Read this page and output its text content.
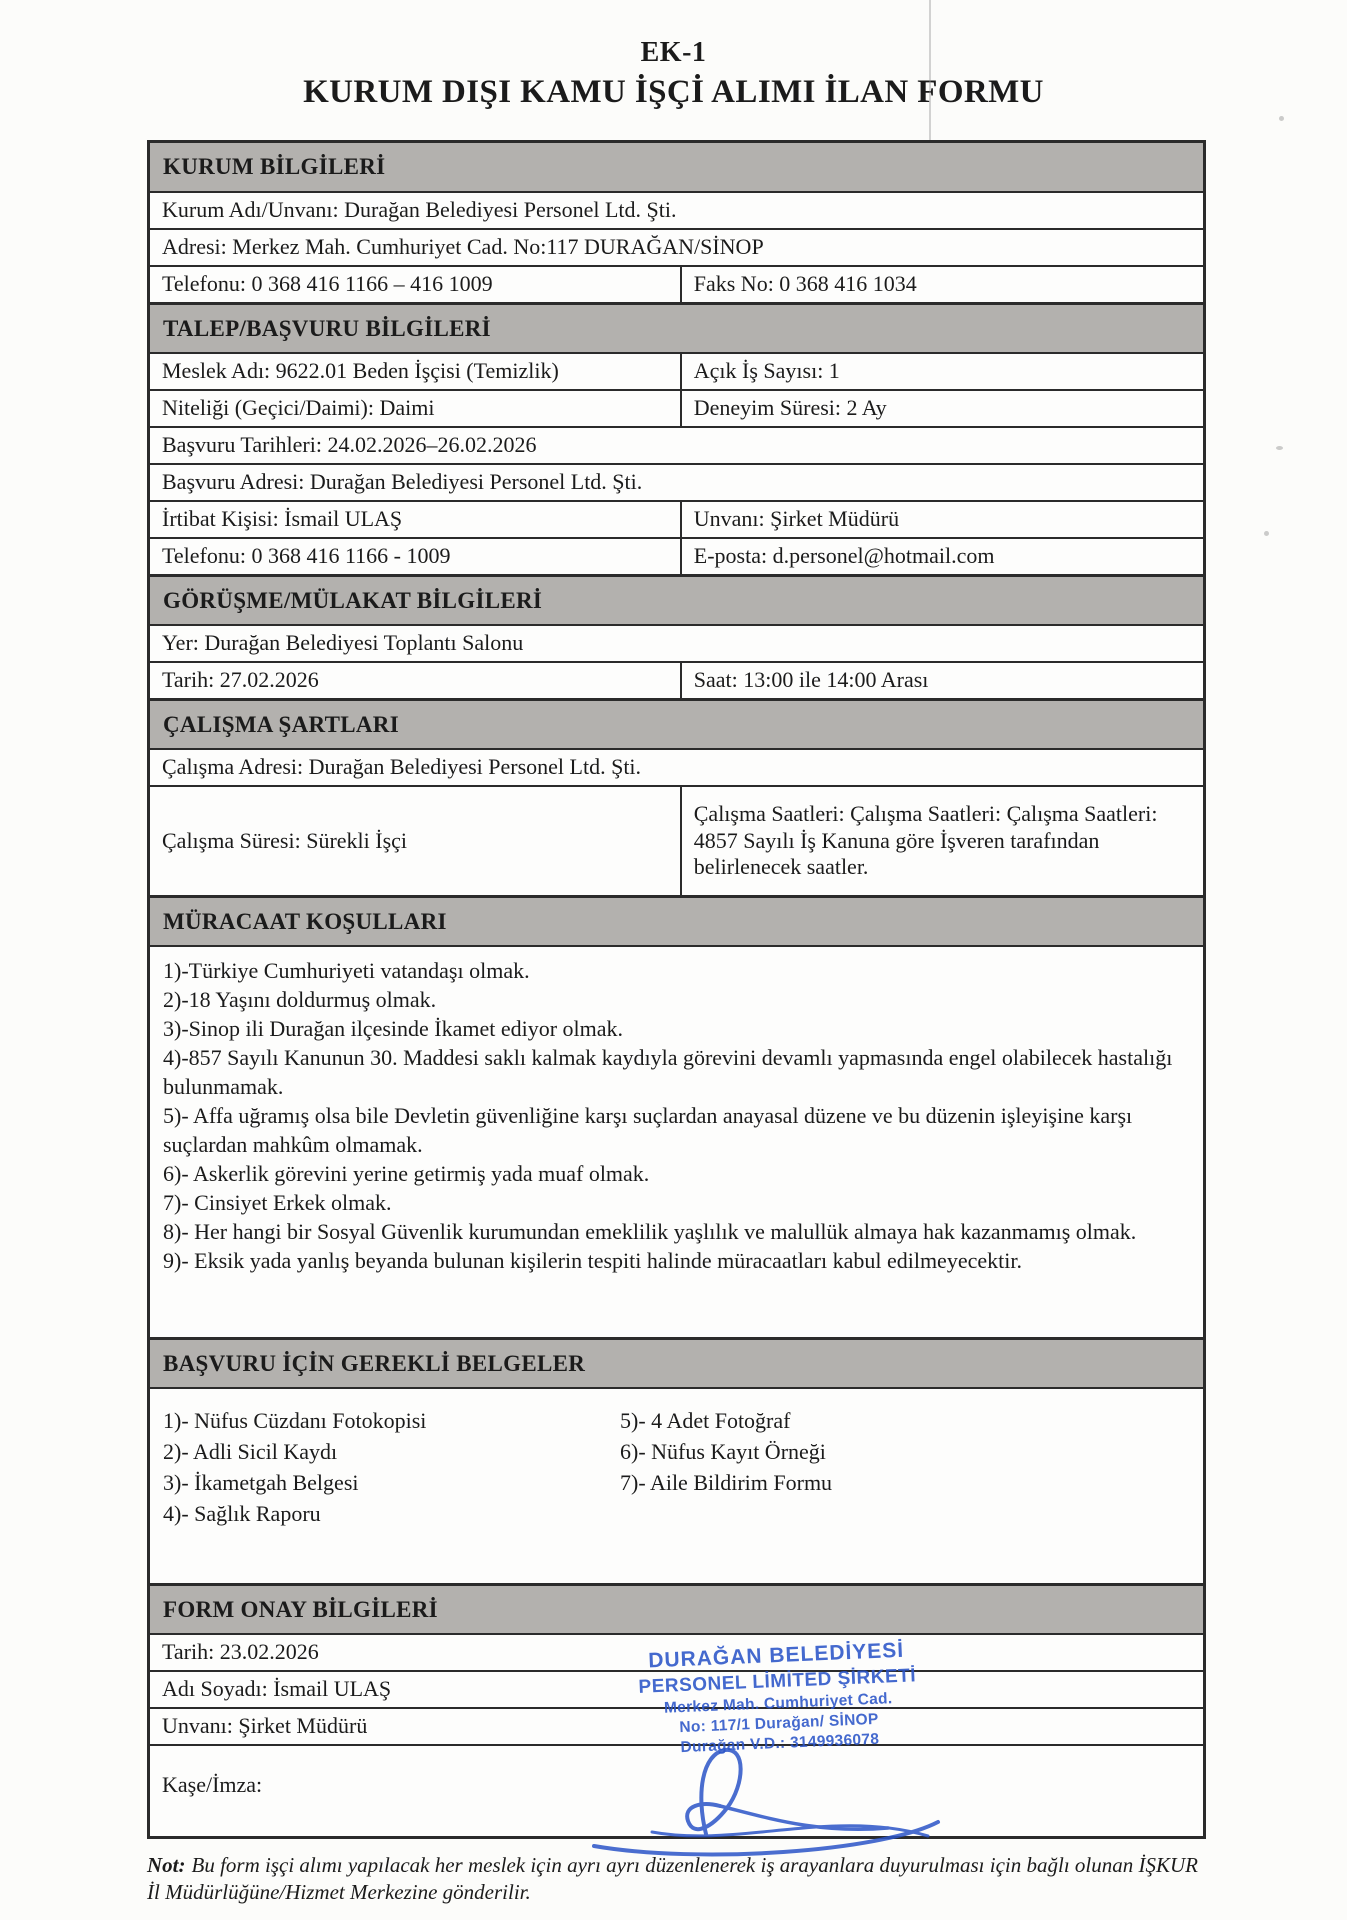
EK-1
KURUM DIŞI KAMU İŞÇİ ALIMI İLAN FORMU
KURUM BİLGİLERİ
Kurum Adı/Unvanı: Durağan Belediyesi Personel Ltd. Şti.
Adresi: Merkez Mah. Cumhuriyet Cad. No:117 DURAĞAN/SİNOP
Telefonu: 0 368 416 1166 – 416 1009	Faks No: 0 368 416 1034
TALEP/BAŞVURU BİLGİLERİ
Meslek Adı: 9622.01 Beden İşçisi (Temizlik)	Açık İş Sayısı: 1
Niteliği (Geçici/Daimi): Daimi	Deneyim Süresi: 2 Ay
Başvuru Tarihleri: 24.02.2026–26.02.2026
Başvuru Adresi: Durağan Belediyesi Personel Ltd. Şti.
İrtibat Kişisi: İsmail ULAŞ	Unvanı: Şirket Müdürü
Telefonu: 0 368 416 1166 - 1009	E-posta: d.personel@hotmail.com
GÖRÜŞME/MÜLAKAT BİLGİLERİ
Yer: Durağan Belediyesi Toplantı Salonu
Tarih: 27.02.2026	Saat: 13:00 ile 14:00 Arası
ÇALIŞMA ŞARTLARI
Çalışma Adresi: Durağan Belediyesi Personel Ltd. Şti.
Çalışma Süresi: Sürekli İşçi
Çalışma Saatleri: Çalışma Saatleri: Çalışma Saatleri: 4857 Sayılı İş Kanuna göre İşveren tarafından belirlenecek saatler.
MÜRACAAT KOŞULLARI
1)-Türkiye Cumhuriyeti vatandaşı olmak.
2)-18 Yaşını doldurmuş olmak.
3)-Sinop ili Durağan ilçesinde İkamet ediyor olmak.
4)-857 Sayılı Kanunun 30. Maddesi saklı kalmak kaydıyla görevini devamlı yapmasında engel olabilecek hastalığı bulunmamak.
5)- Affa uğramış olsa bile Devletin güvenliğine karşı suçlardan anayasal düzene ve bu düzenin işleyişine karşı suçlardan mahkûm olmamak.
6)- Askerlik görevini yerine getirmiş yada muaf olmak.
7)- Cinsiyet Erkek olmak.
8)- Her hangi bir Sosyal Güvenlik kurumundan emeklilik yaşlılık ve malullük almaya hak kazanmamış olmak.
9)- Eksik yada yanlış beyanda bulunan kişilerin tespiti halinde müracaatları kabul edilmeyecektir.
BAŞVURU İÇİN GEREKLİ BELGELER
1)- Nüfus Cüzdanı Fotokopisi
2)- Adli Sicil Kaydı
3)- İkametgah Belgesi
4)- Sağlık Raporu
5)- 4 Adet Fotoğraf
6)- Nüfus Kayıt Örneği
7)- Aile Bildirim Formu
FORM ONAY BİLGİLERİ
Tarih: 23.02.2026
Adı Soyadı: İsmail ULAŞ
Unvanı: Şirket Müdürü
Kaşe/İmza:
DURAĞAN BELEDİYESİ
PERSONEL LİMİTED ŞİRKETİ
Merkez Mah. Cumhuriyet Cad.
No: 117/1 Durağan/ SİNOP
Durağan V.D.: 3149936078

Not: Bu form işçi alımı yapılacak her meslek için ayrı ayrı düzenlenerek iş arayanlara duyurulması için bağlı olunan İŞKUR İl Müdürlüğüne/Hizmet Merkezine gönderilir.
